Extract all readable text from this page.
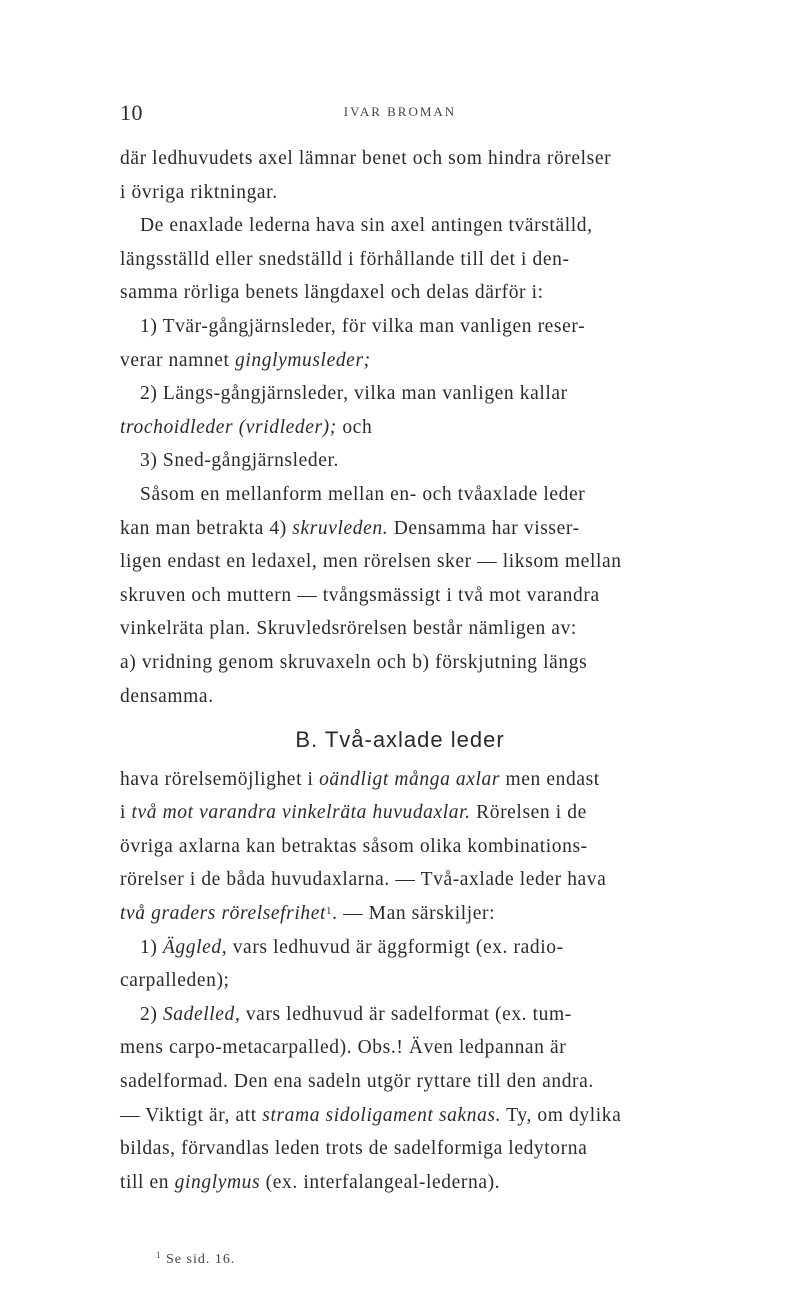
10	IVAR BROMAN
där ledhuvudets axel lämnar benet och som hindra rörelser
i övriga riktningar.
De enaxlade lederna hava sin axel antingen tvärställd,
längsställd eller snedställd i förhållande till det i den-
samma rörliga benets längdaxel och delas därför i:
1) Tvär-gångjärnsleder, för vilka man vanligen reser-
verar namnet ginglymusleder;
2) Längs-gångjärnsleder, vilka man vanligen kallar
trochoidleder (vridleder); och
3) Sned-gångjärnsleder.
Såsom en mellanform mellan en- och tvåaxlade leder
kan man betrakta 4) skruvleden. Densamma har visser-
ligen endast en ledaxel, men rörelsen sker — liksom mellan
skruven och muttern — tvångsmässigt i två mot varandra
vinkelräta plan. Skruvledsrörelsen består nämligen av:
a) vridning genom skruvaxeln och b) förskjutning längs
densamma.
B. Två-axlade leder
hava rörelsemöjlighet i oändligt många axlar men endast
i två mot varandra vinkelräta huvudaxlar. Rörelsen i de
övriga axlarna kan betraktas såsom olika kombinations-
rörelser i de båda huvudaxlarna. — Två-axlade leder hava
två graders rörelsefrihet$^1$. — Man särskiljer:
1) Äggled, vars ledhuvud är äggformigt (ex. radio-
carpalleden);
2) Sadelled, vars ledhuvud är sadelformat (ex. tum-
mens carpo-metacarpalled). Obs.! Även ledpannan är
sadelformad. Den ena sadeln utgör ryttare till den andra.
— Viktigt är, att strama sidoligament saknas. Ty, om dylika
bildas, förvandlas leden trots de sadelformiga ledytorna
till en ginglymus (ex. interfalangeal-lederna).
$^1$ Se sid. 16.
